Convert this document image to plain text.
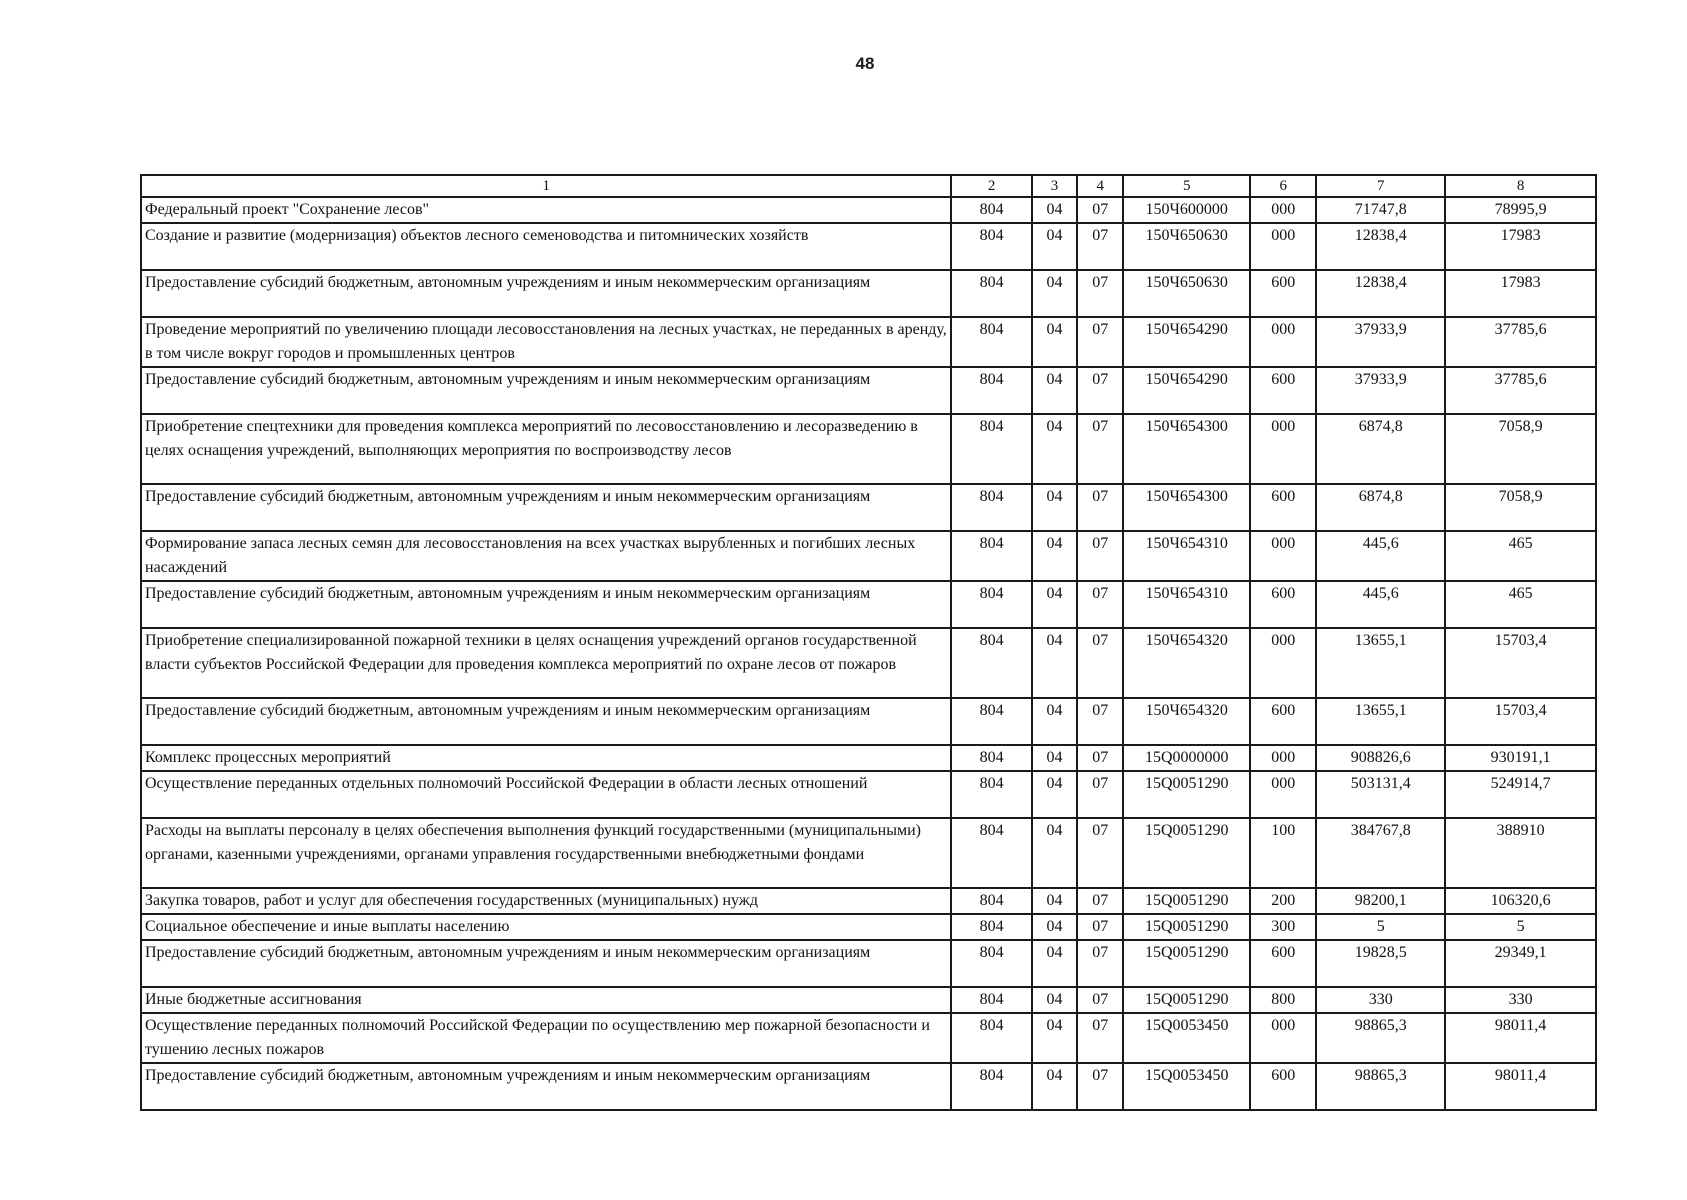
48
1	2	3	4	5	6	7	8
Федеральный проект "Сохранение лесов"	804	04	07	150Ч600000	000	71747,8	78995,9
Создание и развитие (модернизация) объектов лесного семеноводства и питомнических хозяйств	804	04	07	150Ч650630	000	12838,4	17983
Предоставление субсидий бюджетным, автономным учреждениям и иным некоммерческим организациям	804	04	07	150Ч650630	600	12838,4	17983
Проведение мероприятий по увеличению площади лесовосстановления на лесных участках, не переданных в аренду, в том числе вокруг городов и промышленных центров	804	04	07	150Ч654290	000	37933,9	37785,6
Предоставление субсидий бюджетным, автономным учреждениям и иным некоммерческим организациям	804	04	07	150Ч654290	600	37933,9	37785,6
Приобретение спецтехники для проведения комплекса мероприятий по лесовосстановлению и лесоразведению в целях оснащения учреждений, выполняющих мероприятия по воспроизводству лесов	804	04	07	150Ч654300	000	6874,8	7058,9
Предоставление субсидий бюджетным, автономным учреждениям и иным некоммерческим организациям	804	04	07	150Ч654300	600	6874,8	7058,9
Формирование запаса лесных семян для лесовосстановления на всех участках вырубленных и погибших лесных насаждений	804	04	07	150Ч654310	000	445,6	465
Предоставление субсидий бюджетным, автономным учреждениям и иным некоммерческим организациям	804	04	07	150Ч654310	600	445,6	465
Приобретение специализированной пожарной техники в целях оснащения учреждений органов государственной власти субъектов Российской Федерации для проведения комплекса мероприятий по охране лесов от пожаров	804	04	07	150Ч654320	000	13655,1	15703,4
Предоставление субсидий бюджетным, автономным учреждениям и иным некоммерческим организациям	804	04	07	150Ч654320	600	13655,1	15703,4
Комплекс процессных мероприятий	804	04	07	15Q0000000	000	908826,6	930191,1
Осуществление переданных отдельных полномочий Российской Федерации в области лесных отношений	804	04	07	15Q0051290	000	503131,4	524914,7
Расходы на выплаты персоналу в целях обеспечения выполнения функций государственными (муниципальными) органами, казенными учреждениями, органами управления государственными внебюджетными фондами	804	04	07	15Q0051290	100	384767,8	388910
Закупка товаров, работ и услуг для обеспечения государственных (муниципальных) нужд	804	04	07	15Q0051290	200	98200,1	106320,6
Социальное обеспечение и иные выплаты населению	804	04	07	15Q0051290	300	5	5
Предоставление субсидий бюджетным, автономным учреждениям и иным некоммерческим организациям	804	04	07	15Q0051290	600	19828,5	29349,1
Иные бюджетные ассигнования	804	04	07	15Q0051290	800	330	330
Осуществление переданных полномочий Российской Федерации по осуществлению мер пожарной безопасности и тушению лесных пожаров	804	04	07	15Q0053450	000	98865,3	98011,4
Предоставление субсидий бюджетным, автономным учреждениям и иным некоммерческим организациям	804	04	07	15Q0053450	600	98865,3	98011,4
